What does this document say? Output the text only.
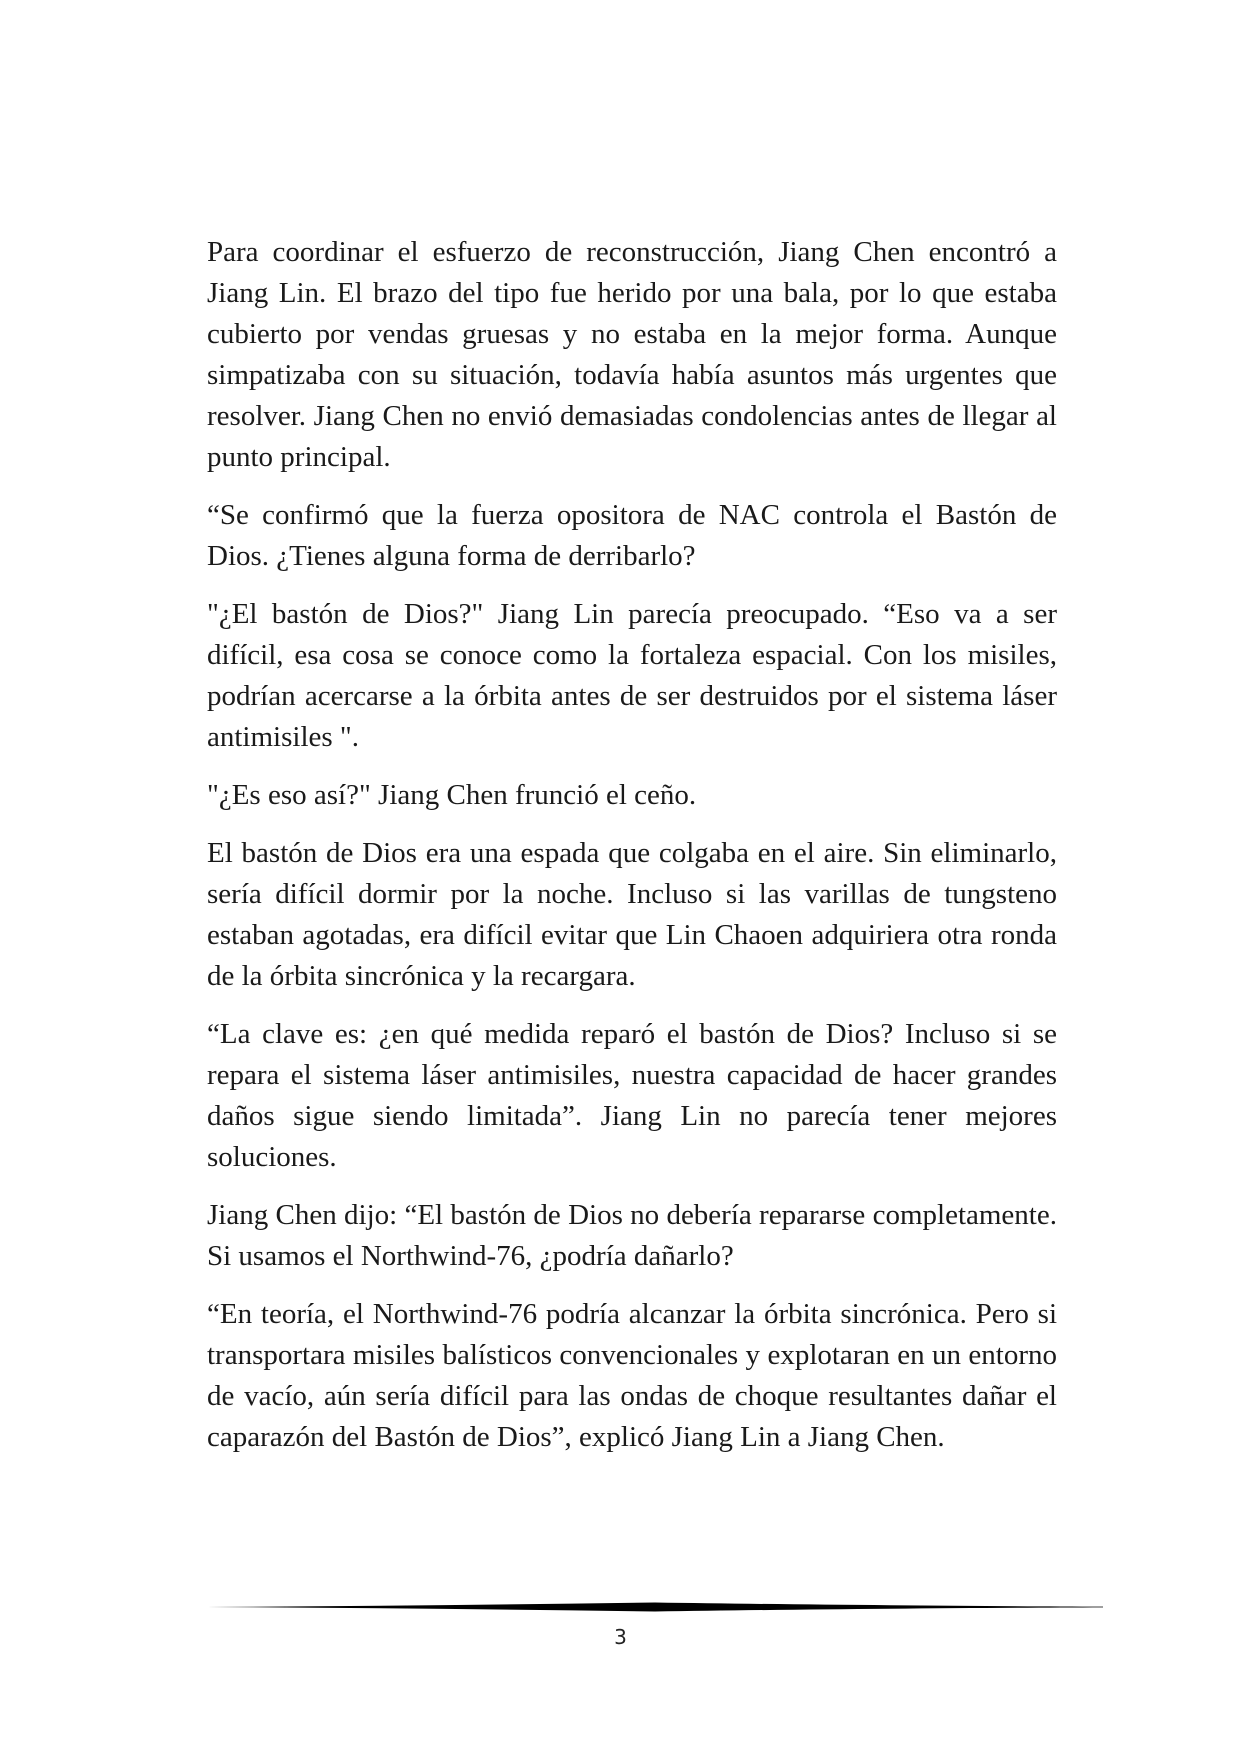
Para coordinar el esfuerzo de reconstrucción, Jiang Chen encontró a Jiang Lin. El brazo del tipo fue herido por una bala, por lo que estaba cubierto por vendas gruesas y no estaba en la mejor forma. Aunque simpatizaba con su situación, todavía había asuntos más urgentes que resolver. Jiang Chen no envió demasiadas condolencias antes de llegar al punto principal.

“Se confirmó que la fuerza opositora de NAC controla el Bastón de Dios. ¿Tienes alguna forma de derribarlo?

"¿El bastón de Dios?" Jiang Lin parecía preocupado. “Eso va a ser difícil, esa cosa se conoce como la fortaleza espacial. Con los misiles, podrían acercarse a la órbita antes de ser destruidos por el sistema láser antimisiles ".

"¿Es eso así?" Jiang Chen frunció el ceño.

El bastón de Dios era una espada que colgaba en el aire. Sin eliminarlo, sería difícil dormir por la noche. Incluso si las varillas de tungsteno estaban agotadas, era difícil evitar que Lin Chaoen adquiriera otra ronda de la órbita sincrónica y la recargara.

“La clave es: ¿en qué medida reparó el bastón de Dios? Incluso si se repara el sistema láser antimisiles, nuestra capacidad de hacer grandes daños sigue siendo limitada”. Jiang Lin no parecía tener mejores soluciones.

Jiang Chen dijo: “El bastón de Dios no debería repararse completamente. Si usamos el Northwind-76, ¿podría dañarlo?

“En teoría, el Northwind-76 podría alcanzar la órbita sincrónica. Pero si transportara misiles balísticos convencionales y explotaran en un entorno de vacío, aún sería difícil para las ondas de choque resultantes dañar el caparazón del Bastón de Dios”, explicó Jiang Lin a Jiang Chen.

3
